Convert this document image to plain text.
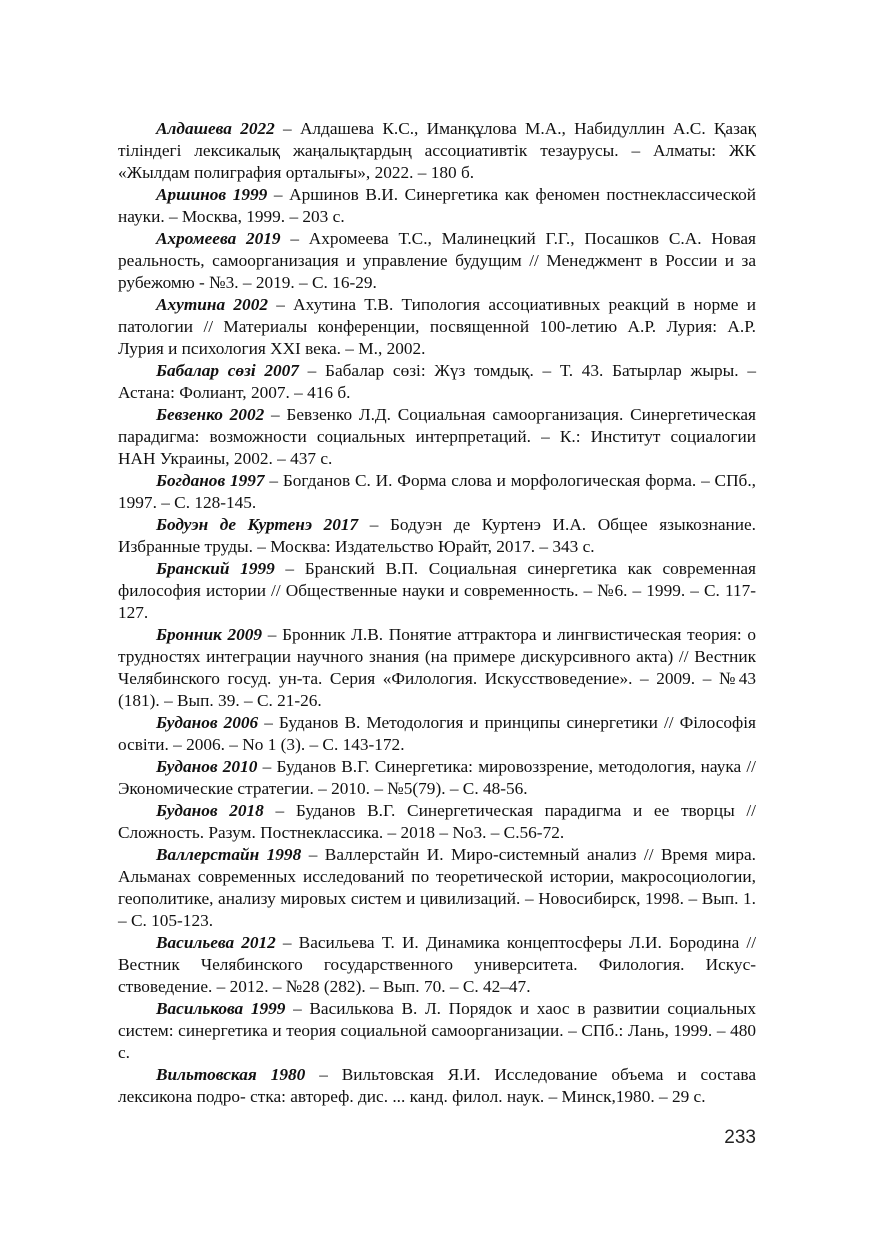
Алдашева 2022 – Алдашева К.С., Иманқұлова М.А., Набидуллин А.С. Қазақ тіліндегі лексикалық жаңалықтардың ассоциативтік тезаурусы. – Алматы: ЖК «Жылдам полиграфия орталығы», 2022. – 180 б.

Аршинов 1999 – Аршинов В.И. Синергетика как феномен постнеклассической науки. – Москва, 1999. – 203 с.

Ахромеева 2019 – Ахромеева Т.С., Малинецкий Г.Г., Посашков С.А. Новая реальность, самоорганизация и управление будущим // Менеджмент в России и за рубежомю - №3. – 2019. – С. 16-29.

Ахутина 2002 – Ахутина Т.В. Типология ассоциативных реакций в норме и патологии // Материалы конференции, посвященной 100-летию А.Р. Лурия: А.Р. Лурия и психология XXI века. – М., 2002.

Бабалар сөзі 2007 – Бабалар сөзі: Жүз томдық. – Т. 43. Батырлар жыры. – Астана: Фолиант, 2007. – 416 б.

Бевзенко 2002 – Бевзенко Л.Д. Социальная самоорганизация. Синергетическая парадигма: возможности социальных интерпретаций. – К.: Институт социалогии НАН Украины, 2002. – 437 с.

Богданов 1997 – Богданов С. И. Форма слова и морфологическая форма. – СПб., 1997. – С. 128-145.

Бодуэн де Куртенэ 2017 – Бодуэн де Куртенэ И.А. Общее языкознание. Избранные труды. – Москва: Издательство Юрайт, 2017. – 343 с.

Бранский 1999 – Бранский В.П. Социальная синергетика как современная философия истории // Общественные науки и современность. – №6. – 1999. – С. 117-127.

Бронник 2009 – Бронник Л.В. Понятие аттрактора и лингвистическая теория: о трудностях интеграции научного знания (на примере дискурсивного акта) // Вестник Челябинского госуд. ун-та. Серия «Филология. Искусствоведение». – 2009. – №43 (181). – Вып. 39. – С. 21-26.

Буданов 2006 – Буданов В. Методология и принципы синергетики // Філософія освіти. – 2006. – No 1 (3). – С. 143-172.

Буданов 2010 – Буданов В.Г. Синергетика: мировоззрение, методология, наука // Экономические стратегии. – 2010. – №5(79). – С. 48-56.

Буданов 2018 – Буданов В.Г. Синергетическая парадигма и ее творцы // Сложность. Разум. Постнеклассика. – 2018 – Nо3. – С.56-72.

Валлерстайн 1998 – Валлерстайн И. Миро-системный анализ // Время мира. Альманах современных исследований по теоретической истории, макросоциологии, геополитике, анализу мировых систем и цивилизаций. – Новосибирск, 1998. – Вып. 1. – С. 105-123.

Васильева 2012 – Васильева Т. И. Динамика концептосферы Л.И. Бородина // Вестник Челябинского государственного университета. Филология. Искусствоведение. – 2012. – №28 (282). – Вып. 70. – С. 42–47.

Василькова 1999 – Василькова В. Л. Порядок и хаос в развитии социальных систем: синергетика и теория социальной самоорганизации. – СПб.: Лань, 1999. – 480 с.

Вильтовская 1980 – Вильтовская Я.И. Исследование объема и состава лексикона подро- стка: автореф. дис. ... канд. филол. наук. – Минск,1980. – 29 с.

233
